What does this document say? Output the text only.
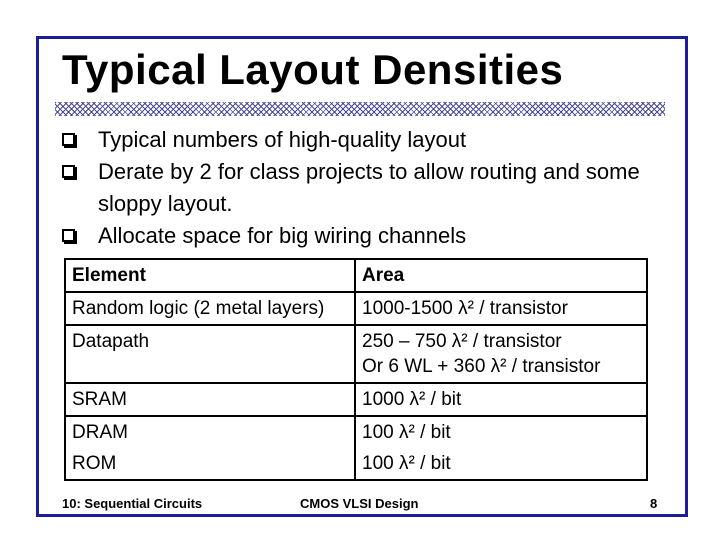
Typical Layout Densities
Typical numbers of high-quality layout
Derate by 2 for class projects to allow routing and some sloppy layout.
Allocate space for big wiring channels
Element	Area
Random logic (2 metal layers)	1000-1500 λ² / transistor

Datapath	250 – 750 λ² / transistor
Or 6 WL + 360 λ² / transistor

SRAM	1000 λ² / bit

DRAM	100 λ² / bit

ROM	100 λ² / bit
10: Sequential Circuits	CMOS VLSI Design	8
